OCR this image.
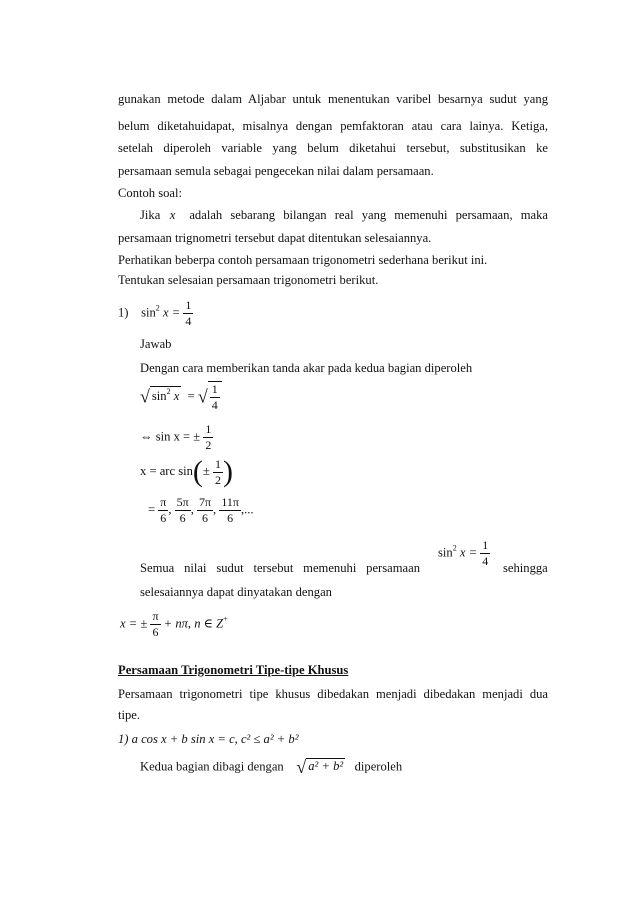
gunakan metode dalam Aljabar untuk menentukan varibel besarnya sudut yang
belum diketahuidapat, misalnya dengan pemfaktoran atau cara lainya. Ketiga,
setelah diperoleh variable yang belum diketahui tersebut, substitusikan ke
persamaan semula sebagai pengecekan nilai dalam persamaan.
Contoh soal:
Jika x adalah sebarang bilangan real yang memenuhi persamaan, maka
persamaan trignometri tersebut dapat ditentukan selesaiannya.
Perhatikan beberpa contoh persamaan trigonometri sederhana berikut ini.
Tentukan selesaian persamaan trigonometri berikut.
1) $\sin^2 x = \frac{1}{4}$
Jawab
Dengan cara memberikan tanda akar pada kedua bagian diperoleh
√ $\sin^2 x$ = √ $\frac{1}{4}$
⇔ sin x = ± $\frac{1}{2}$
x = arc $\sin(\pm \frac{1}{2}$ )
= $\frac{\pi}{6}$ , $\frac{5\pi}{6}$ , $\frac{7\pi}{6}$ , $\frac{11\pi}{6}$ ,...
Semua nilai sudut tersebut memenuhi persamaan
$\sin^2 x = \frac{1}{4}$ sehingga
selesaiannya dapat dinyatakan dengan
x = ± $\frac{\pi}{6} + n\pi$, n ∈ Z+
Persamaan Trigonometri Tipe-tipe Khusus
Persamaan trigonometri tipe khusus dibedakan menjadi dibedakan menjadi dua
tipe.
1) a cos x + b sin x = c, c² ≤ a² + b²
Kedua bagian dibagi dengan √ a² + b² diperoleh
